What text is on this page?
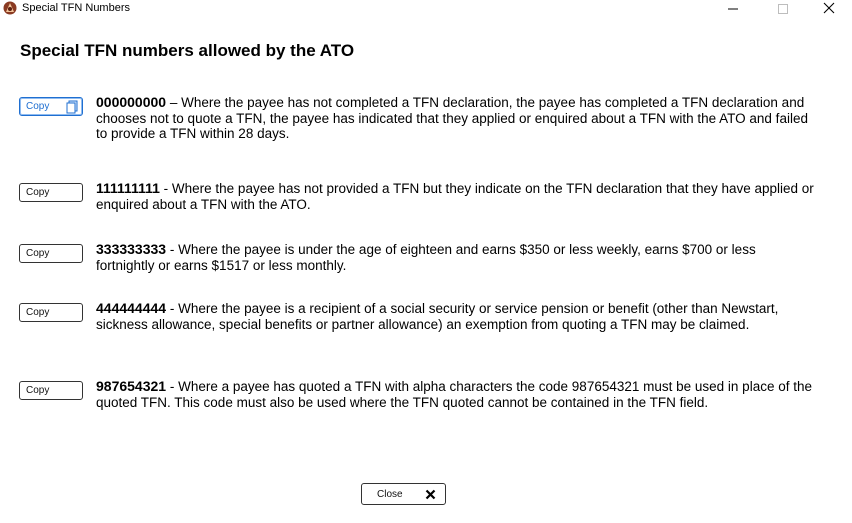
Special TFN Numbers
Special TFN numbers allowed by the ATO
Copy	000000000 – Where the payee has not completed a TFN declaration, the payee has completed a TFN declaration and chooses not to quote a TFN, the payee has indicated that they applied or enquired about a TFN with the ATO and failed to provide a TFN within 28 days.
Copy	111111111 - Where the payee has not provided a TFN but they indicate on the TFN declaration that they have applied or enquired about a TFN with the ATO.
Copy	333333333 - Where the payee is under the age of eighteen and earns $350 or less weekly, earns $700 or less fortnightly or earns $1517 or less monthly.
Copy	444444444 - Where the payee is a recipient of a social security or service pension or benefit (other than Newstart, sickness allowance, special benefits or partner allowance) an exemption from quoting a TFN may be claimed.
Copy	987654321 - Where a payee has quoted a TFN with alpha characters the code 987654321 must be used in place of the quoted TFN. This code must also be used where the TFN quoted cannot be contained in the TFN field.
Close
